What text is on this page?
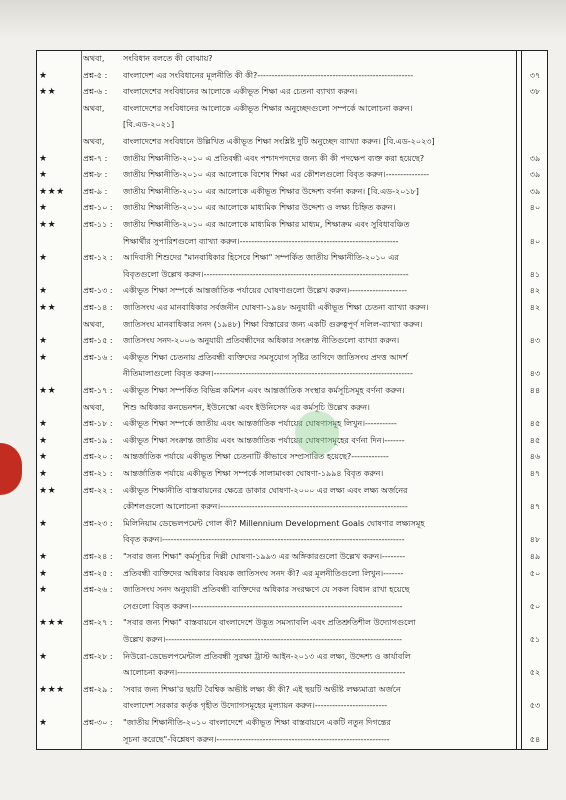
অথবা,	সংবিধান বলতে কী বোঝায়?
★	প্রশ্ন-৫ :	বাংলাদেশ এর সংবিধানের মূলনীতি কী কী?------------------------------------------------------	৩৭
★★	প্রশ্ন-৬ :	বাংলাদেশের সংবিধানের আলোকে একীভূত শিক্ষা এর চেতনা ব্যাখ্যা করুন।	৩৮
অথবা,	বাংলাদেশের সংবিধানের আলোকে একীভূত শিক্ষার অনুচ্ছেদগুলো সম্পর্কে আলোচনা করুন।
[বি.এড-২০২১]
অথবা,	বাংলাদেশের সংবিধানে উল্লিখিত একীভূত শিক্ষা সংশ্লিষ্ট দুটি অনুচ্ছেদ ব্যাখ্যা করুন। [বি.এড-২০২৩]
★	প্রশ্ন-৭ :	জাতীয় শিক্ষানীতি-২০১০ এ প্রতিবন্ধী এবং পশ্চাদপদদের জন্য কী কী পদক্ষেপ ব্যক্ত করা হয়েছে?	৩৯
★	প্রশ্ন-৮ :	জাতীয় শিক্ষানীতি-২০১০ এর আলোকে বিশেষ শিক্ষা এর কৌশলগুলো বিবৃত করুন।---------------	৩৯
★★★ প্রশ্ন-৯ :	জাতীয় শিক্ষানীতি-২০১০ এর আলোকে একীভূত শিক্ষার উদ্দেশ্য বর্ণনা করুন। [বি.এড-২০১৮]	৩৯
★	প্রশ্ন-১০ :	জাতীয় শিক্ষানীতি-২০১০ এর আলোকে মাধ্যমিক শিক্ষার উদ্দেশ্য ও লক্ষ্য চিহ্নিত করুন।	৪০
★★	প্রশ্ন-১১ :	জাতীয় শিক্ষানীতি-২০১০ এর আলোকে মাধ্যমিক শিক্ষার মাধ্যম, শিক্ষাক্রম এবং সুবিধাবঞ্চিত
শিক্ষার্থীর সুপারিশগুলো ব্যাখ্যা করুন।-------------------------------------------------------	৪০
★	প্রশ্ন-১২ :	আদিবাসী শিশুদের "মানবাধিকার হিসেবে শিক্ষা" সম্পর্কিত জাতীয় শিক্ষানীতি-২০১০ এর
বিবৃতগুলো উল্লেখ করুন।-----------------------------------------------------------------------	৪১
★	প্রশ্ন-১৩ :	একীভূত শিক্ষা সম্পর্কে আন্তর্জাতিক পর্যায়ের ঘোষণাগুলো উল্লেখ করুন।--------------------	৪২
★★	প্রশ্ন-১৪ :	জাতিসংঘ এর মানবাধিকার সর্বজনীন ঘোষণা-১৯৪৮ অনুযায়ী একীভূত শিক্ষা চেতনা ব্যাখ্যা করুন।	৪২
অথবা,	জাতিসংঘ মানবাধিকার সনদ (১৯৪৮) শিক্ষা বিস্তারের জন্য একটি গুরুত্বপূর্ণ দলিল-ব্যাখ্যা করুন।
★	প্রশ্ন-১৫ :	জাতিসংঘ সনদ-২০০৬ অনুযায়ী প্রতিবন্ধীদের অধিকার সংক্রান্ত নীতিগুলো ব্যাখ্যা করুন।	৪৩
★	প্রশ্ন-১৬ :	একীভূত শিক্ষা চেতনায় প্রতিবন্ধী ব্যক্তিদের সমসুযোগ সৃষ্টির তাগিদে জাতিসংঘ প্রদত্ত আদর্শ
নীতিমালাগুলো বিবৃত করুন।---------------------------------------------------------------------	৪৩
★★	প্রশ্ন-১৭ :	একীভূত শিক্ষা সম্পর্কিত বিভিন্ন কমিশন এবং আন্তর্জাতিক সংস্থার কর্মসূচিসমূহ বর্ণনা করুন।	৪৪
অথবা,	শিশু অধিকার কনভেনশন, ইউনেস্কো এবং ইউনিসেফ এর কর্মসূচি উল্লেখ করুন।
★	প্রশ্ন-১৮ :	একীভূত শিক্ষা সম্পর্কে জাতীয় এবং আন্তর্জাতিক পর্যায়ের ঘোষণাসমূহ লিখুন।-----------	৪৫
★	প্রশ্ন-১৯ :	একীভূত শিক্ষা সংক্রান্ত জাতীয় এবং আন্তর্জাতিক পর্যায়ের ঘোষণাসমূহের বর্ণনা দিন।-------	৪৫
★	প্রশ্ন-২০ :	আন্তর্জাতিক পর্যায়ে একীভূত শিক্ষা চেতনাটি কীভাবে সম্প্রসারিত হয়েছে?-------------	৪৬
★	প্রশ্ন-২১ :	আন্তর্জাতিক পর্যায়ে একীভূত শিক্ষা সম্পর্কে সালামাংকা ঘোষণা-১৯৯৪ বিবৃত করুন।	৪৭
★★	প্রশ্ন-২২ :	একীভূত শিক্ষানীতি বাস্তবায়নের ক্ষেত্রে ডাকার ঘোষণা-২০০০ এর লক্ষ্য এবং লক্ষ্য অর্জনের
কৌশলগুলো আলোচনা করুন।-----------------------------------------------------------------	৪৭
★	প্রশ্ন-২৩ :	মিলিনিয়াম ডেভেলপমেন্ট গোল কী? Millennium Development Goals ঘোষণার লক্ষ্যসমূহ
বিবৃত করুন।------------------------------------------------------------------------------------	৪৮
★	প্রশ্ন-২৪ :	"সবার জন্য শিক্ষা" কর্মসূচির দিল্লী ঘোষণা-১৯৯৩ এর অঙ্গিকারগুলো উল্লেখ করুন।--------	৪৯
★	প্রশ্ন-২৫ :	প্রতিবন্ধী ব্যক্তিদের অধিকার বিষয়ক জাতিসংঘ সনদ কী? এর মূলনীতিগুলো লিখুন।-------	৫০
★	প্রশ্ন-২৬ :	জাতিসংঘ সনদ অনুযায়ী প্রতিবন্ধী ব্যক্তিদের অধিকার সংরক্ষণে যে সকল বিধান রাখা হয়েছে
সেগুলো বিবৃত করুন।-------------------------------------------------------------------------	৫০
★★★ প্রশ্ন-২৭ :	"সবার জন্য শিক্ষা" বাস্তবায়নে বাংলাদেশে উদ্ভূত সমস্যাবলি এবং প্রতিশ্রুতিশীল উদ্যোগগুলো
উল্লেখ করুন।----------------------------------------------------------------------------------	৫১
★	প্রশ্ন-২৮ :	নিউরো-ডেভেলপমেন্টাল প্রতিবন্ধী সুরক্ষা ট্রাস্ট আইন-২০১৩ এর লক্ষ্য, উদ্দেশ্য ও কার্যাবলি
আলোচনা করুন।-------------------------------------------------------------------------------	৫২
★★★ প্রশ্ন-২৯ :	'সবার জন্য শিক্ষা'র ছয়টি বৈশ্বিক অভীষ্ট লক্ষ্য কী কী? এই ছয়টি অভীষ্ট লক্ষ্যমাত্রা অর্জনে
বাংলাদেশ সরকার কর্তৃক গৃহীত উদ্যোগসমূহের মূল্যায়ন করুন।-------------------------	৫৩
★	প্রশ্ন-৩০ :	"জাতীয় শিক্ষানীতি-২০১০ বাংলাদেশে একীভূত শিক্ষা বাস্তবায়নে একটি নতুন দিগন্তের
সূচনা করেছে"-বিশ্লেষণ করুন।------------------------------------------------------------	৫৪
